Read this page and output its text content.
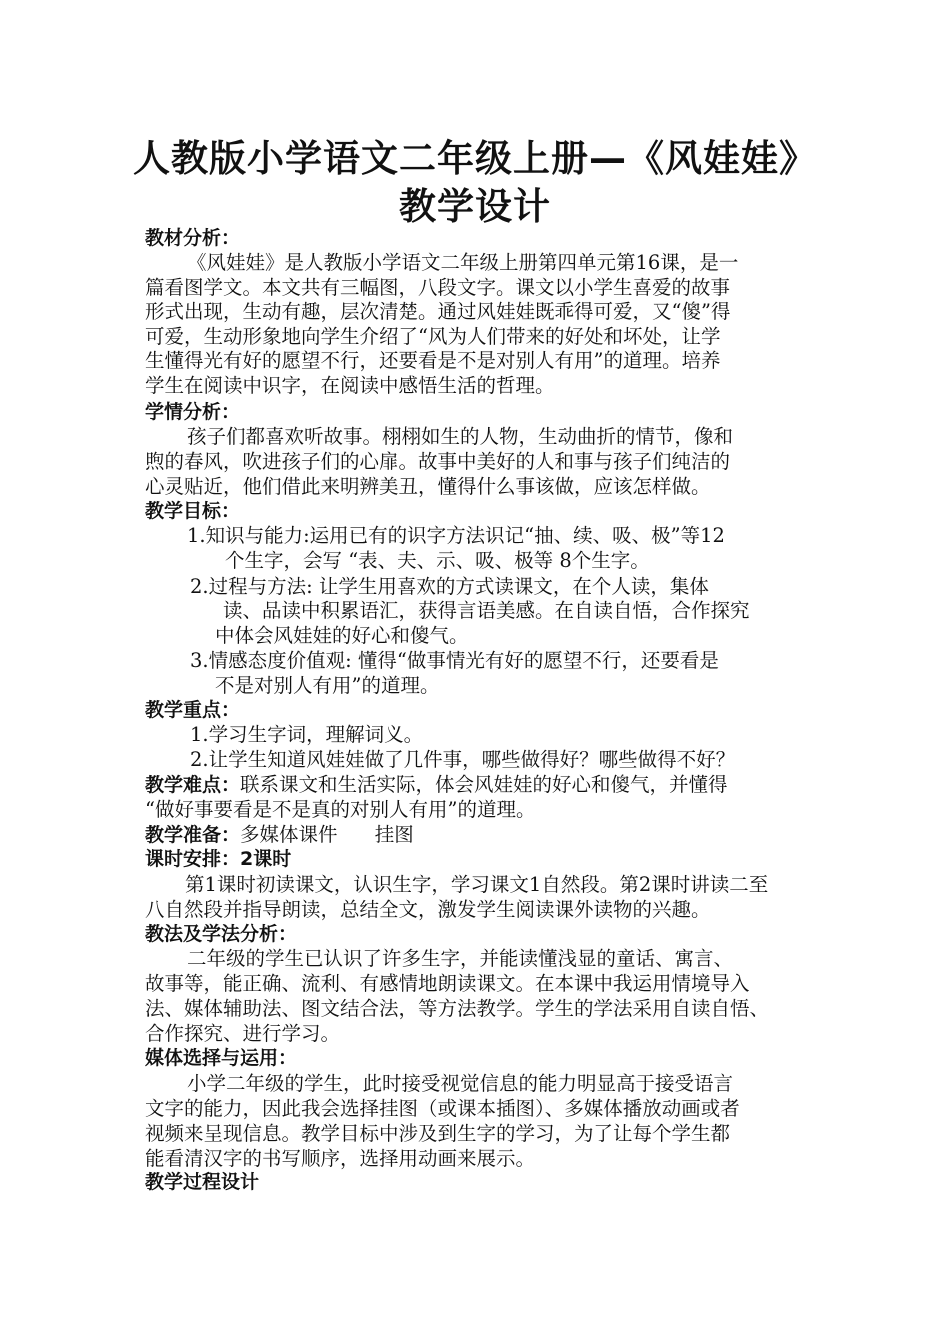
人教版小学语文二年级上册—《风娃娃》
教学设计
教材分析：
《风娃娃》是人教版小学语文二年级上册第四单元第16课，是一
篇看图学文。本文共有三幅图，八段文字。课文以小学生喜爱的故事
形式出现，生动有趣，层次清楚。通过风娃娃既乖得可爱，又“傻”得
可爱，生动形象地向学生介绍了“风为人们带来的好处和坏处，让学
生懂得光有好的愿望不行，还要看是不是对别人有用”的道理。培养
学生在阅读中识字，在阅读中感悟生活的哲理。
学情分析：
孩子们都喜欢听故事。栩栩如生的人物，生动曲折的情节，像和
煦的春风，吹进孩子们的心扉。故事中美好的人和事与孩子们纯洁的
心灵贴近，他们借此来明辨美丑，懂得什么事该做，应该怎样做。
教学目标：
1.知识与能力:运用已有的识字方法识记“抽、续、吸、极”等12
个生字，会写 “表、夫、示、吸、极等 8个生字。
2.过程与方法: 让学生用喜欢的方式读课文，在个人读，集体
读、品读中积累语汇，获得言语美感。在自读自悟，合作探究
中体会风娃娃的好心和傻气。
3.情感态度价值观: 懂得“做事情光有好的愿望不行，还要看是
不是对别人有用”的道理。
教学重点：
1.学习生字词，理解词义。
2.让学生知道风娃娃做了几件事，哪些做得好？哪些做得不好？
教学难点：联系课文和生活实际，体会风娃娃的好心和傻气，并懂得
“做好事要看是不是真的对别人有用”的道理。
教学准备：多媒体课件      挂图
课时安排：2课时
第1课时初读课文，认识生字，学习课文1自然段。第2课时讲读二至
八自然段并指导朗读，总结全文，激发学生阅读课外读物的兴趣。
教法及学法分析：
二年级的学生已认识了许多生字，并能读懂浅显的童话、寓言、
故事等，能正确、流利、有感情地朗读课文。在本课中我运用情境导入
法、媒体辅助法、图文结合法，等方法教学。学生的学法采用自读自悟、
合作探究、进行学习。
媒体选择与运用：
小学二年级的学生，此时接受视觉信息的能力明显高于接受语言
文字的能力，因此我会选择挂图（或课本插图）、多媒体播放动画或者
视频来呈现信息。教学目标中涉及到生字的学习，为了让每个学生都
能看清汉字的书写顺序，选择用动画来展示。
教学过程设计
